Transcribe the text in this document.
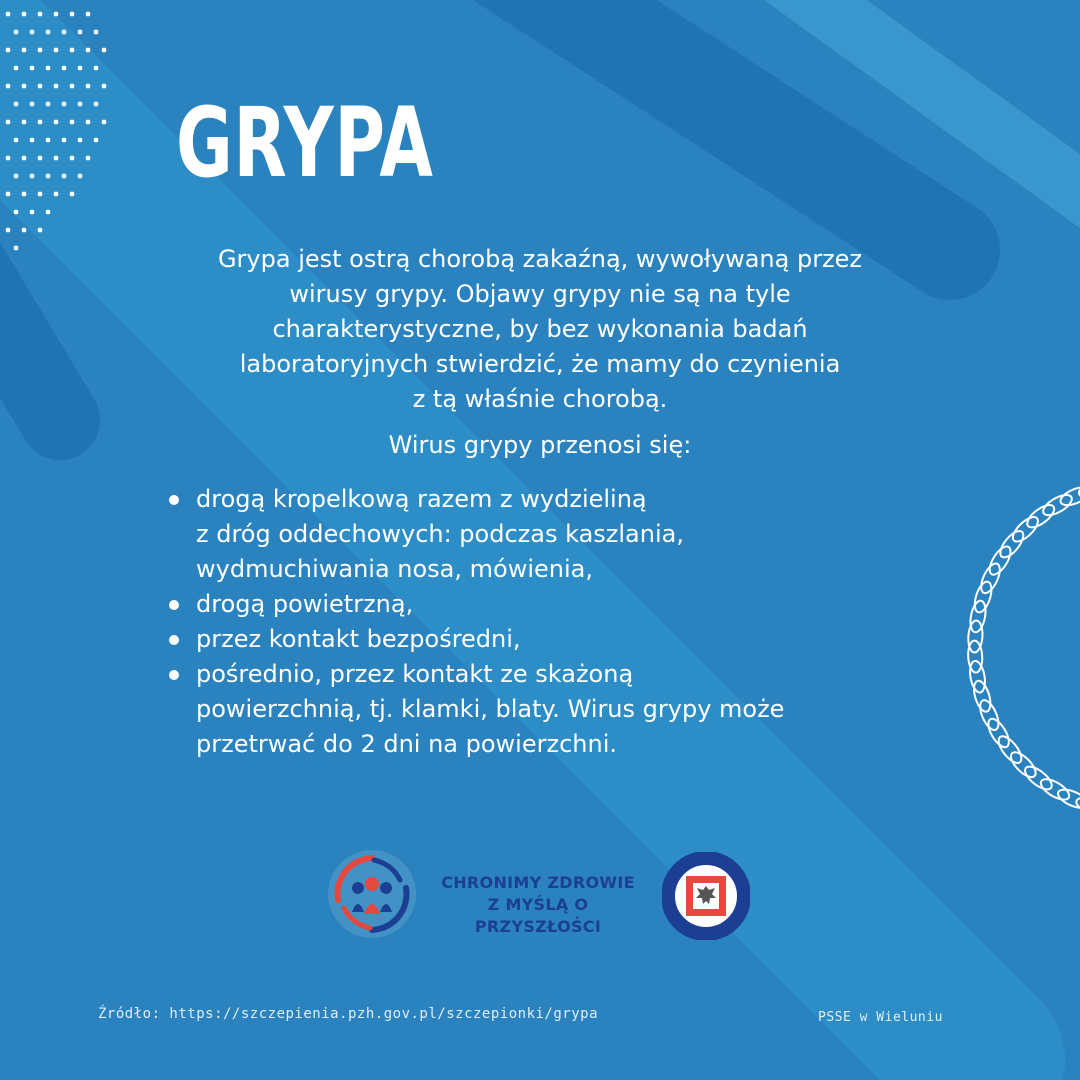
GRYPA

Grypa jest ostrą chorobą zakaźną, wywoływaną przez
wirusy grypy. Objawy grypy nie są na tyle
charakterystyczne, by bez wykonania badań
laboratoryjnych stwierdzić, że mamy do czynienia
z tą właśnie chorobą.

Wirus grypy przenosi się:

drogą kropelkową razem z wydzieliną
z dróg oddechowych: podczas kaszlania,
wydmuchiwania nosa, mówienia,
drogą powietrzną,
przez kontakt bezpośredni,
pośrednio, przez kontakt ze skażoną
powierzchnią, tj. klamki, blaty. Wirus grypy może
przetrwać do 2 dni na powierzchni.
CHRONIMY ZDROWIE
Z MYŚLĄ O PRZYSZŁOŚCI
Źródło: https://szczepienia.pzh.gov.pl/szczepionki/grypa	PSSE w Wieluniu
